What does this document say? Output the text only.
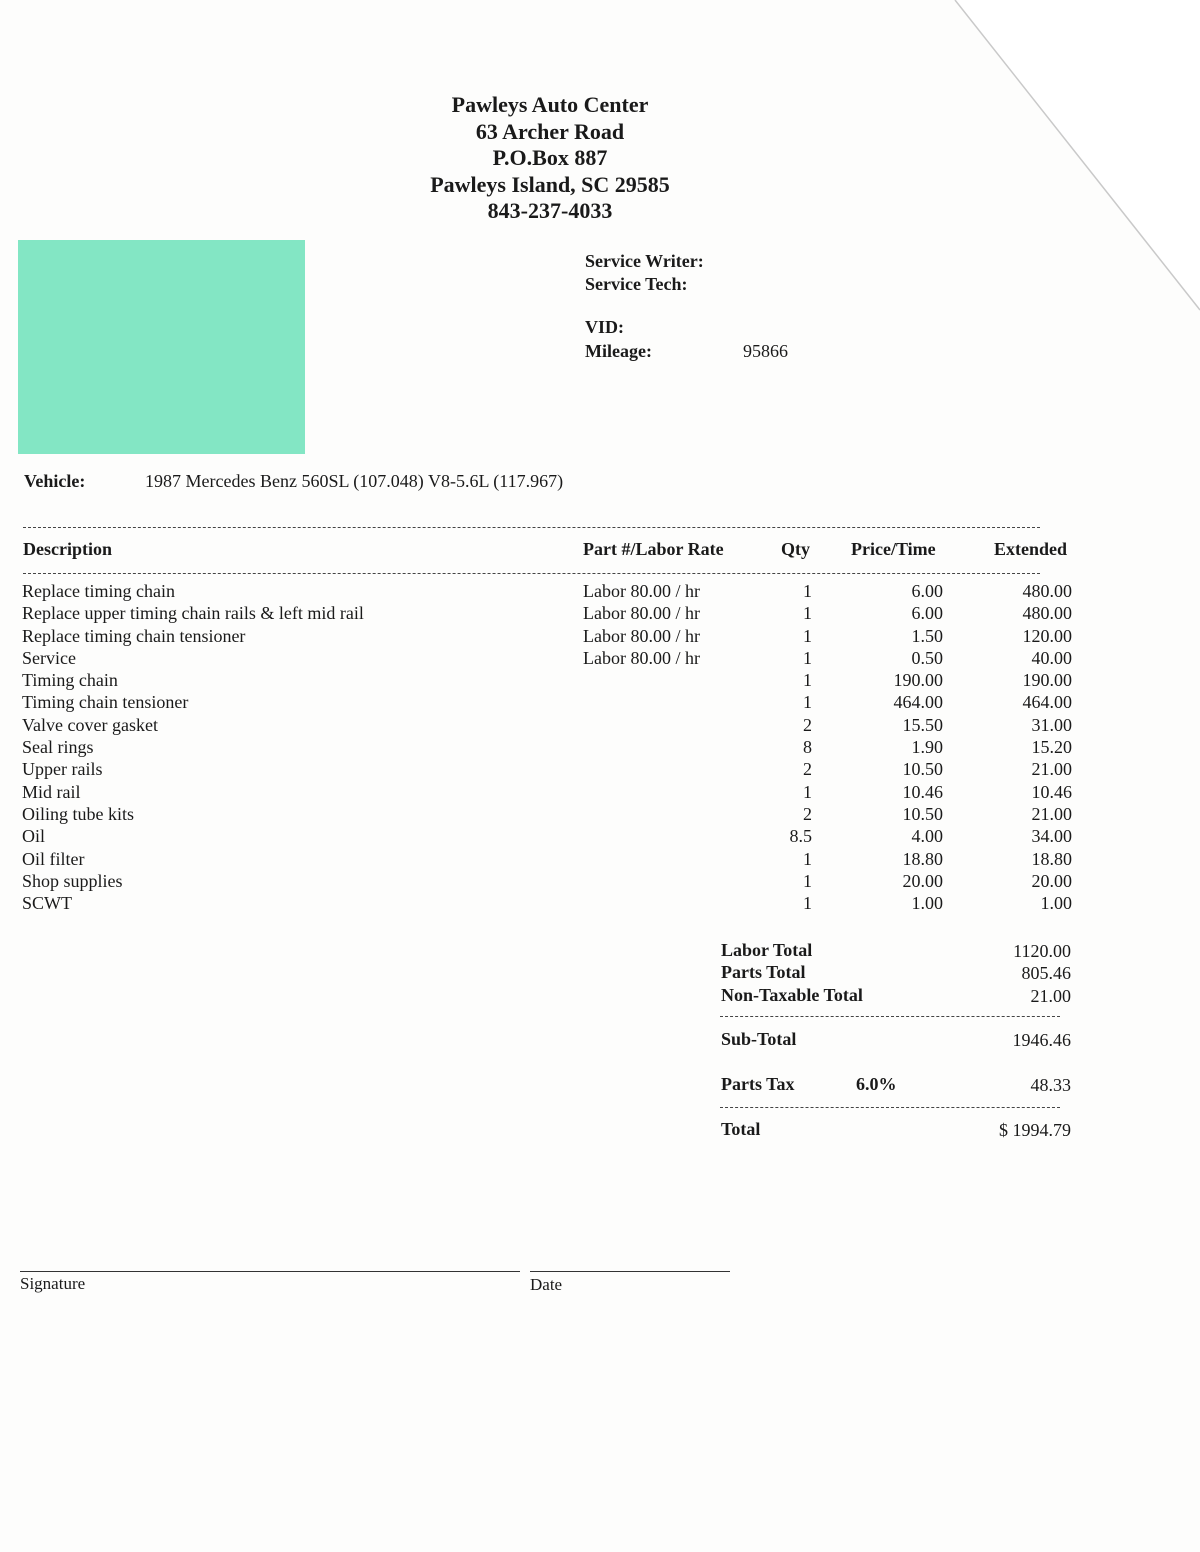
Pawleys Auto Center
63 Archer Road
P.O.Box 887
Pawleys Island, SC 29585
843-237-4033
Service Writer:
Service Tech:
VID:
Mileage:	95866
Vehicle:	1987 Mercedes Benz 560SL (107.048) V8-5.6L (117.967)
Description	Part #/Labor Rate	Qty Price/Time	Extended
Replace timing chain	Labor 80.00 / hr	1	6.00	480.00
Replace upper timing chain rails & left mid rail	Labor 80.00 / hr	1	6.00	480.00
Replace timing chain tensioner	Labor 80.00 / hr	1	1.50	120.00
Service	Labor 80.00 / hr	1	0.50	40.00
Timing chain	1	190.00	190.00
Timing chain tensioner	1	464.00	464.00
Valve cover gasket	2	15.50	31.00
Seal rings	8	1.90	15.20
Upper rails	2	10.50	21.00
Mid rail	1	10.46	10.46
Oiling tube kits	2	10.50	21.00
Oil	8.5	4.00	34.00
Oil filter	1	18.80	18.80
Shop supplies	1	20.00	20.00
SCWT	1	1.00	1.00
Labor Total	1120.00
Parts Total	805.46
Non-Taxable Total	21.00
Sub-Total	1946.46
Parts Tax	6.0%	48.33
Total	$ 1994.79
Signature	Date
